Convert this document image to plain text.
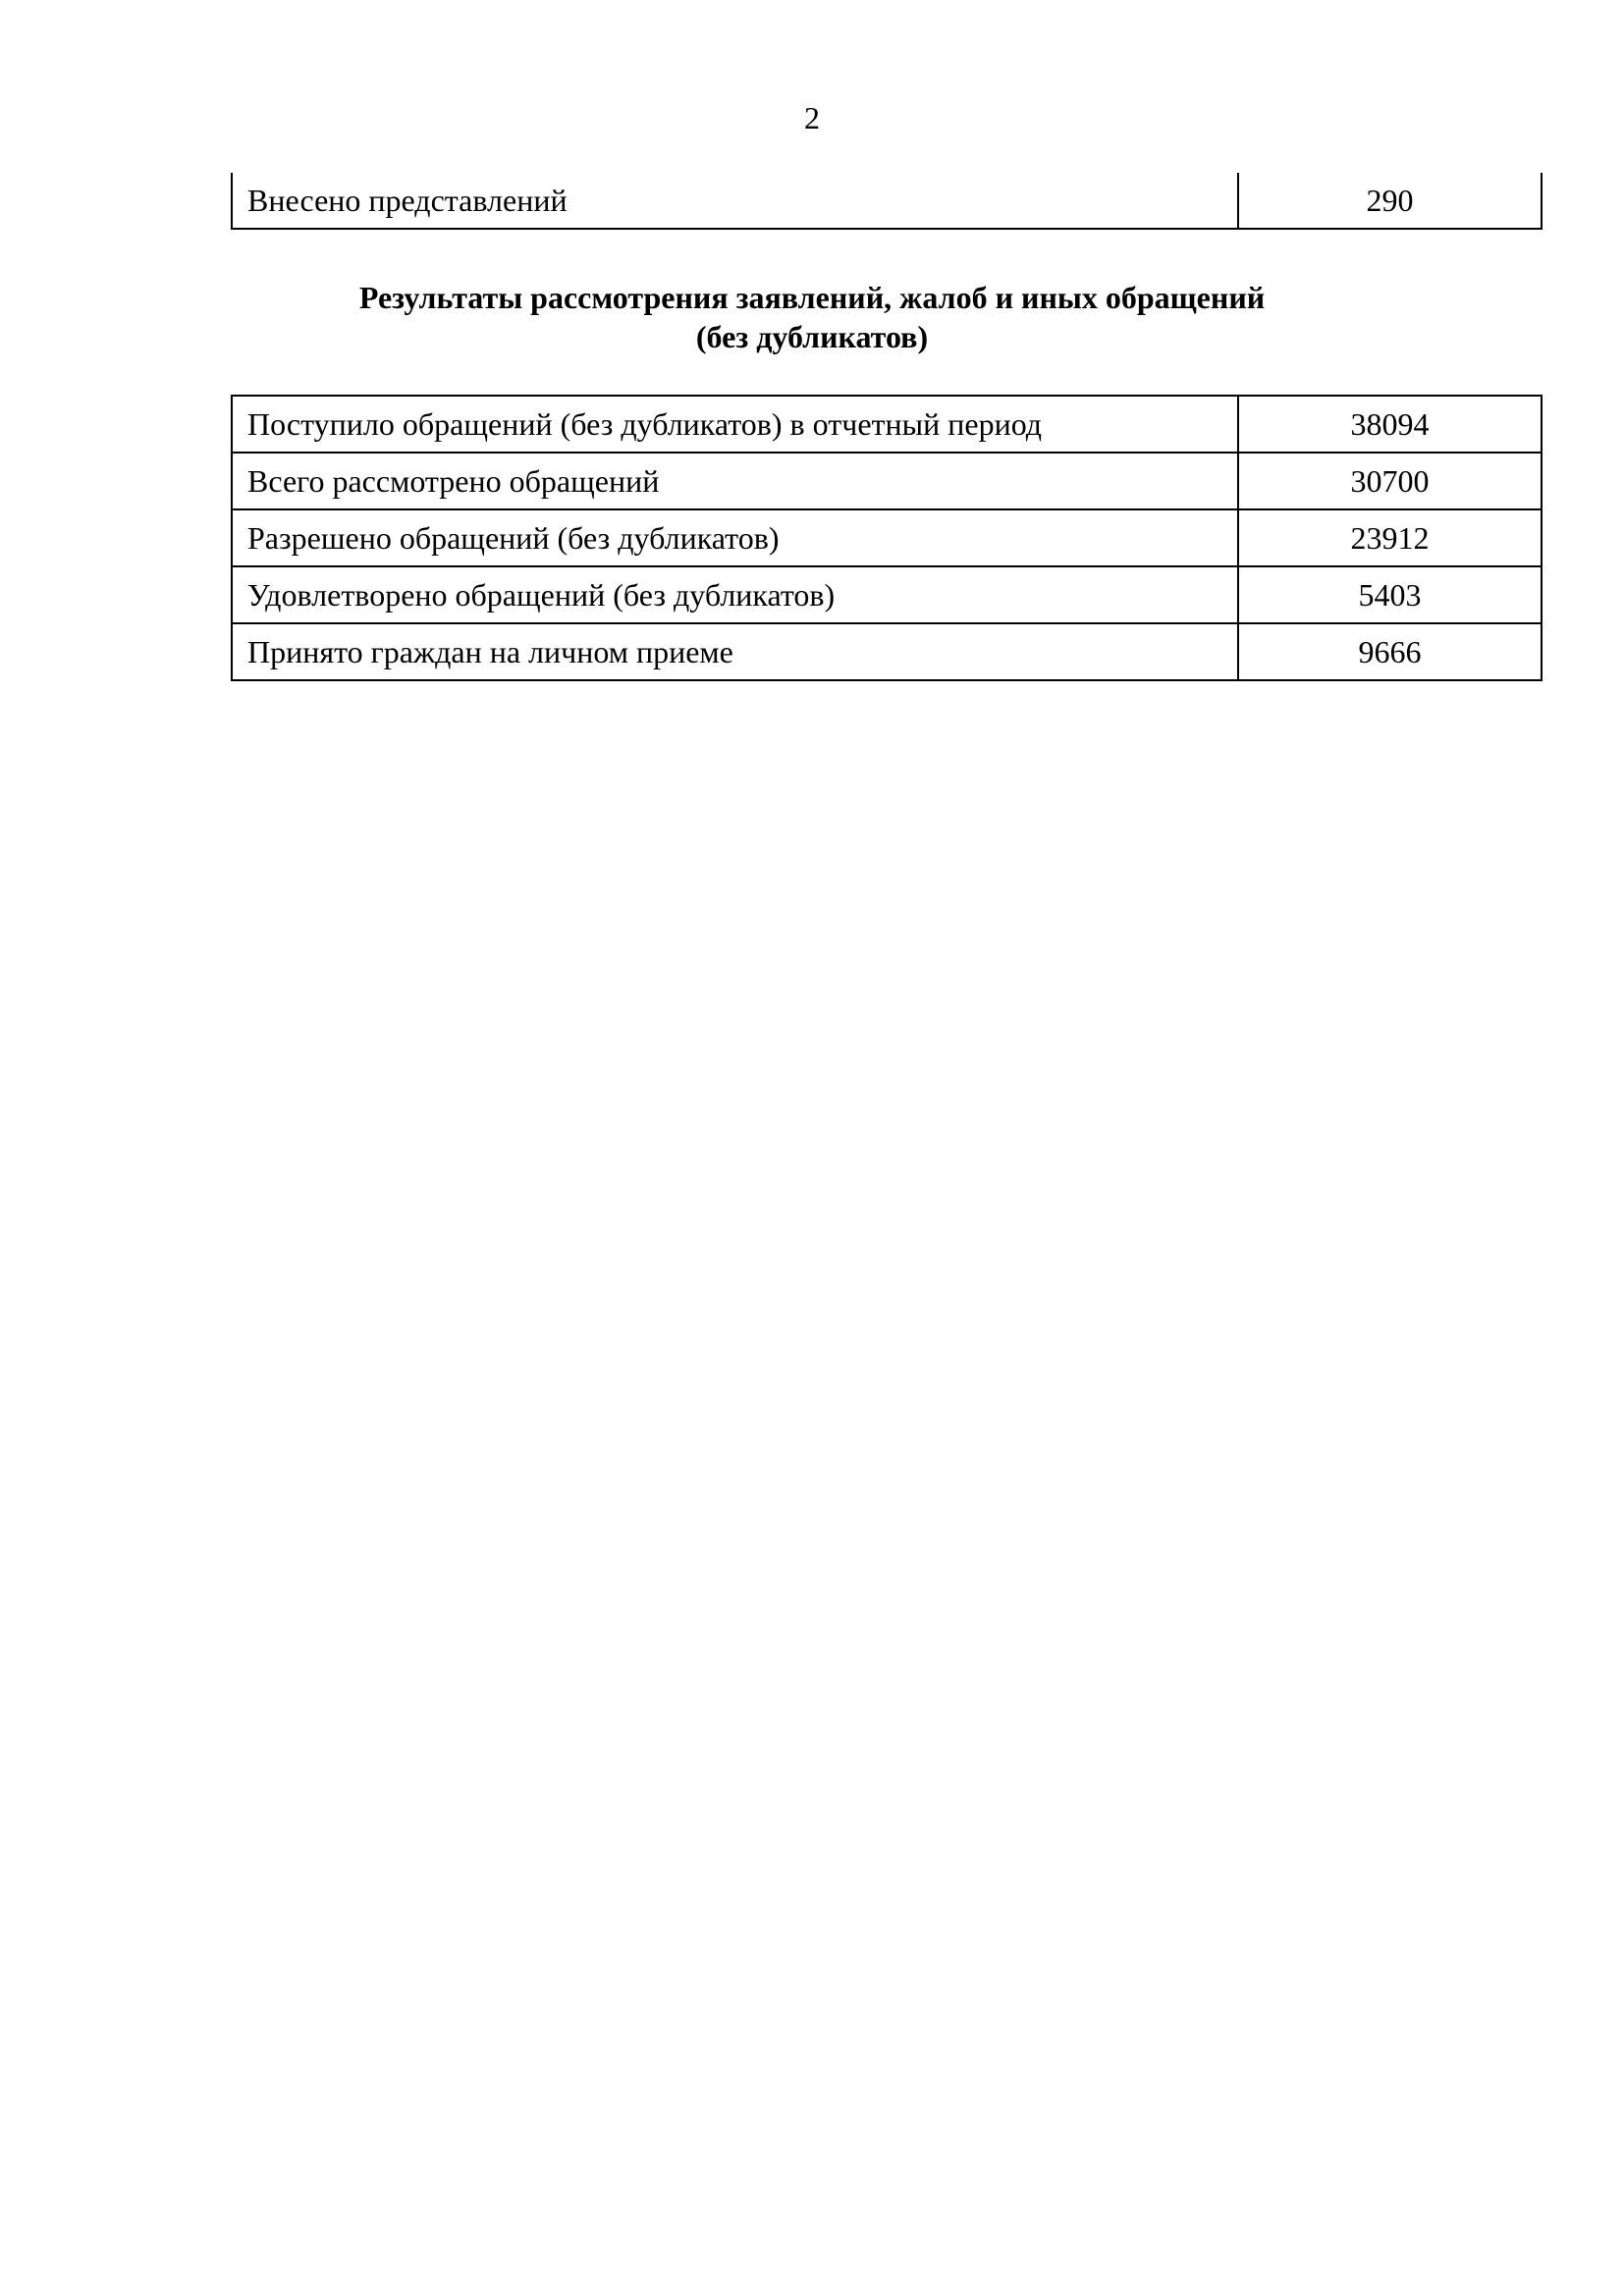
2
Внесено представлений	290
Результаты рассмотрения заявлений, жалоб и иных обращений
(без дубликатов)
Поступило обращений (без дубликатов) в отчетный период	38094
Всего рассмотрено обращений	30700
Разрешено обращений (без дубликатов)	23912
Удовлетворено обращений (без дубликатов)	5403
Принято граждан на личном приеме	9666
